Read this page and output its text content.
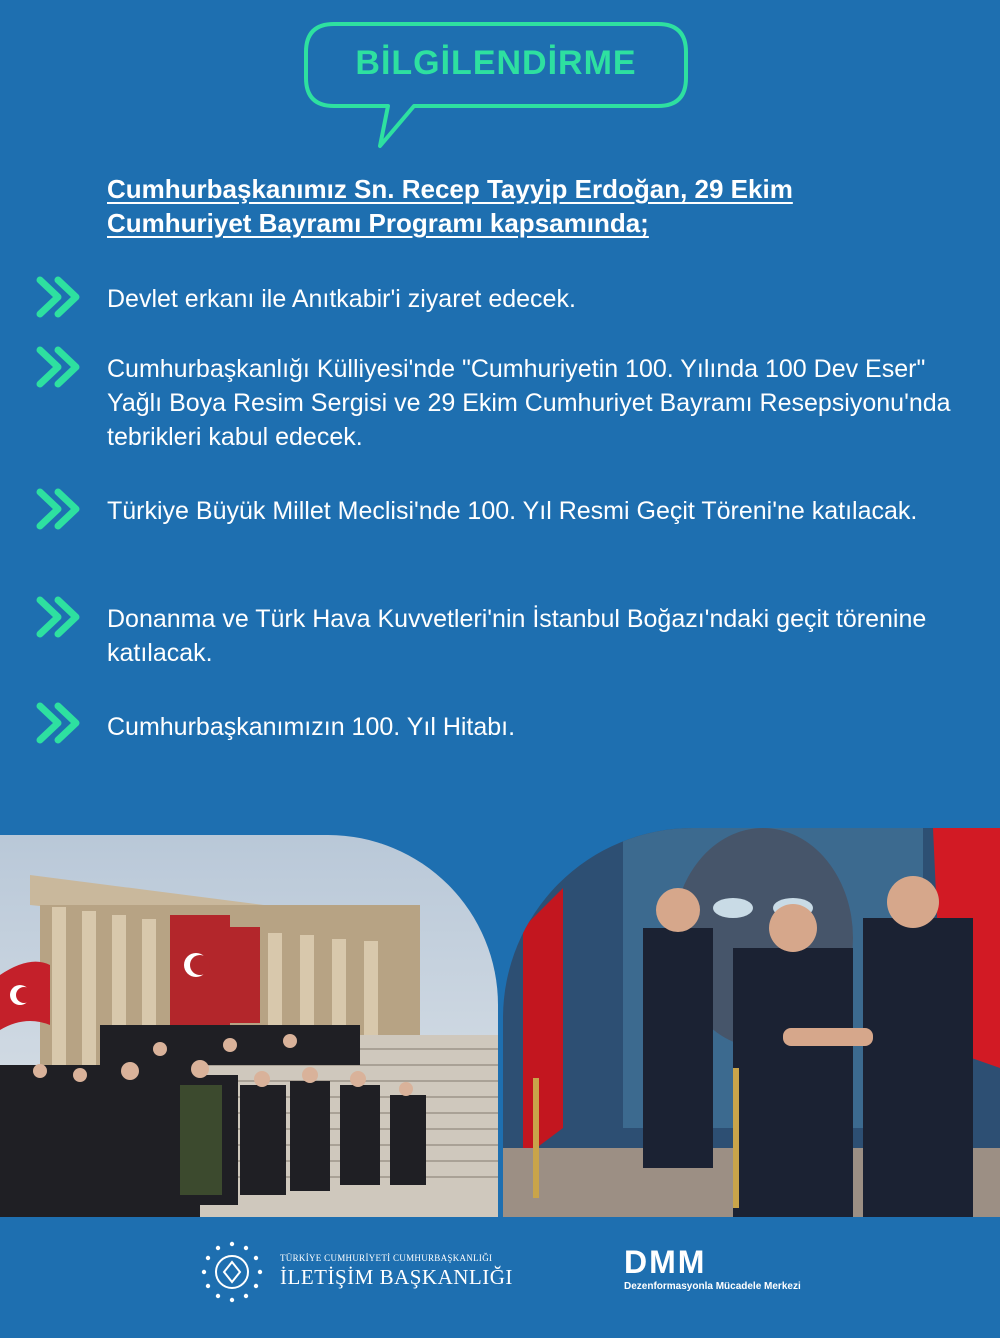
BİLGİLENDİRME
Cumhurbaşkanımız Sn. Recep Tayyip Erdoğan, 29 Ekim Cumhuriyet Bayramı Programı kapsamında;
Devlet erkanı ile Anıtkabir'i ziyaret edecek.
Cumhurbaşkanlığı Külliyesi'nde "Cumhuriyetin 100. Yılında 100 Dev Eser" Yağlı Boya Resim Sergisi ve 29 Ekim Cumhuriyet Bayramı Resepsiyonu'nda tebrikleri kabul edecek.
Türkiye Büyük Millet Meclisi'nde 100. Yıl Resmi Geçit Töreni'ne katılacak.
Donanma ve Türk Hava Kuvvetleri'nin İstanbul Boğazı'ndaki geçit törenine katılacak.
Cumhurbaşkanımızın 100. Yıl Hitabı.
TÜRKİYE CUMHURİYETİ CUMHURBAŞKANLIĞI
İLETİŞİM BAŞKANLIĞI	DMM
Dezenformasyonla Mücadele Merkezi
